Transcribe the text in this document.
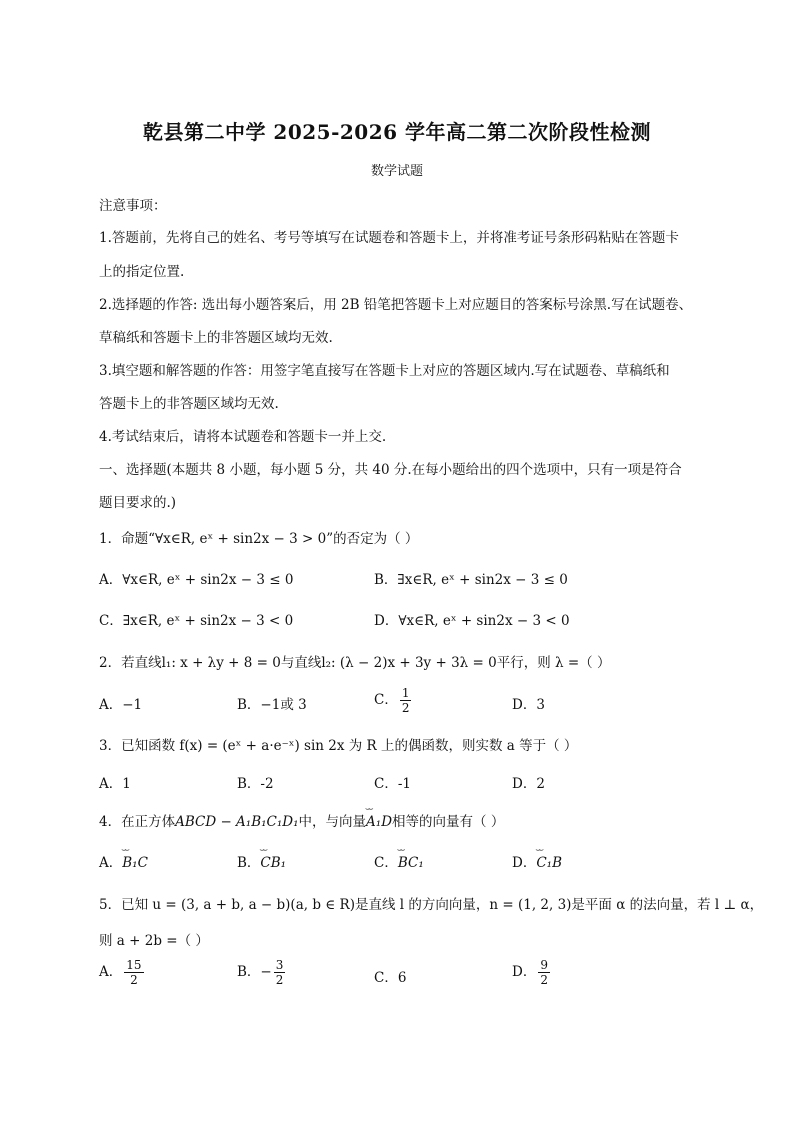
乾县第二中学 2025-2026 学年高二第二次阶段性检测
数学试题
注意事项：
1.答题前，先将自己的姓名、考号等填写在试题卷和答题卡上，并将准考证号条形码粘贴在答题卡
上的指定位置.
2.选择题的作答: 选出每小题答案后，用 2B 铅笔把答题卡上对应题目的答案标号涂黑.写在试题卷、
草稿纸和答题卡上的非答题区域均无效.
3.填空题和解答题的作答：用签字笔直接写在答题卡上对应的答题区域内.写在试题卷、草稿纸和
答题卡上的非答题区域均无效.
4.考试结束后，请将本试题卷和答题卡一并上交.
一、选择题(本题共 8 小题，每小题 5 分，共 40 分.在每小题给出的四个选项中，只有一项是符合
题目要求的.)
1．命题“∀x∈R, eˣ + sin2x − 3 > 0”的否定为（ ）
A．∀x∈R, eˣ + sin2x − 3 ≤ 0	B．∃x∈R, eˣ + sin2x − 3 ≤ 0
C．∃x∈R, eˣ + sin2x − 3 < 0	D．∀x∈R, eˣ + sin2x − 3 < 0
2．若直线l₁: x + λy + 8 = 0与直线l₂: (λ − 2)x + 3y + 3λ = 0平行，则 λ =（ ）
A．−1	B．−1或 3	C． $\frac{1}{2}$	D．3
3．已知函数 f(x) = (eˣ + a·e⁻ˣ) sin 2x 为 R 上的偶函数，则实数 a 等于（ ）
A．1	B．-2	C．-1	D．2
4．在正方体ABCD − A₁B₁C₁D₁中，与向量⌣⌣ A₁D相等的向量有（ ）
A．⌣⌣ B₁C	B．⌣⌣ CB₁	C．⌣⌣ BC₁	D．⌣⌣ C₁B
5．已知 u = (3, a + b, a − b)(a, b ∈ R)是直线 l 的方向向量，n = (1, 2, 3)是平面 α 的法向量，若 l ⊥ α，
则 a + 2b =（ ）
A． $\frac{15}{2}$	B．− $\frac{3}{2}$	C．6	D． $\frac{9}{2}$
